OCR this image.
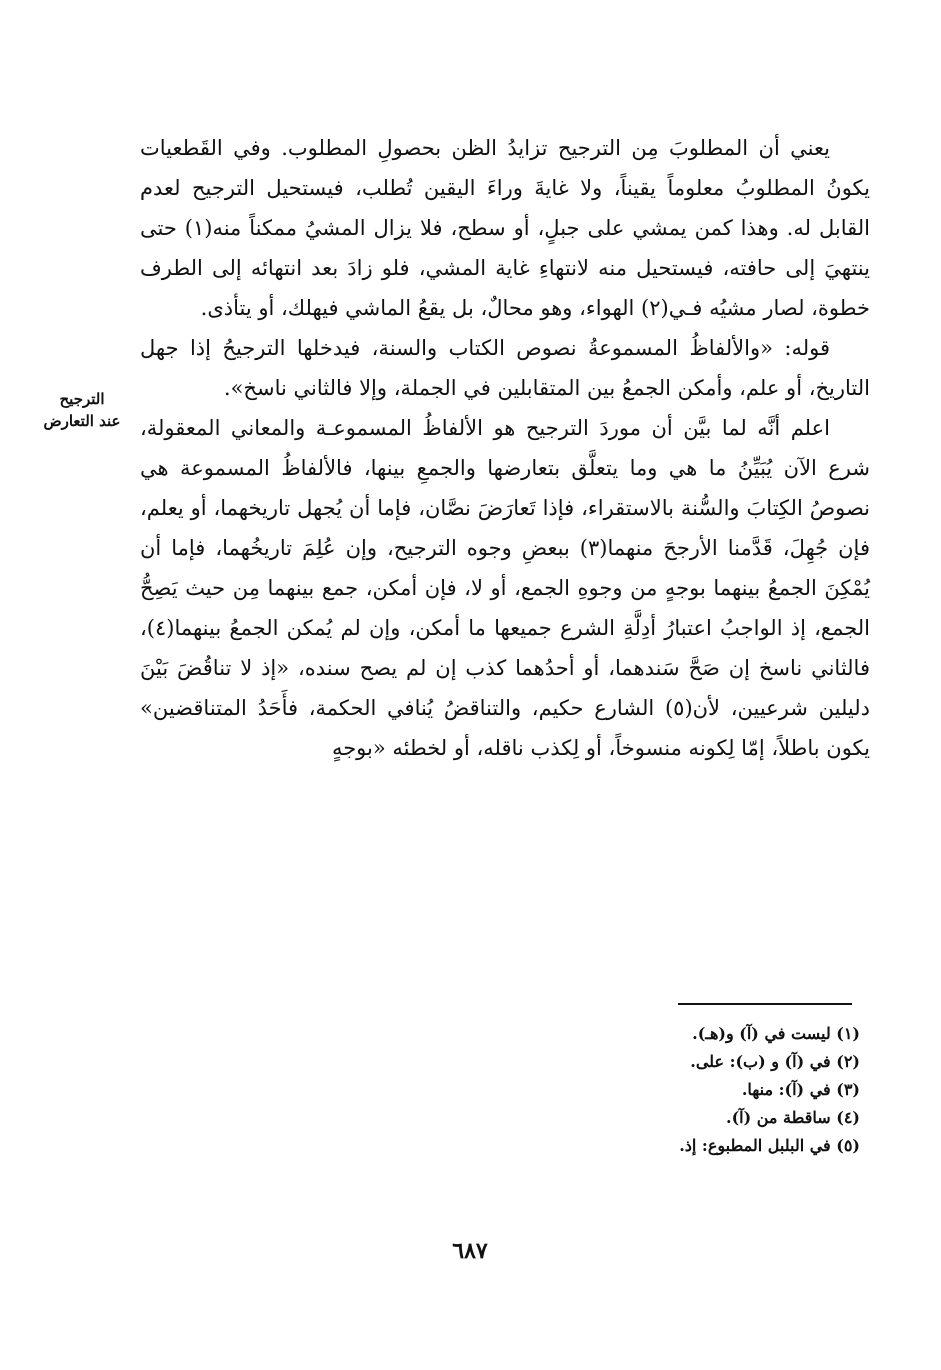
الترجيح
عند التعارض

يعني أن المطلوبَ مِن الترجيح تزايدُ الظن بحصولِ المطلوب. وفي القَطعيات يكونُ المطلوبُ معلوماً يقيناً، ولا غايةَ وراءَ اليقين تُطلب، فيستحيل الترجيح لعدم القابل له. وهذا كمن يمشي على جبلٍ، أو سطح، فلا يزال المشيُ ممكناً منه(١) حتى ينتهيَ إلى حافته، فيستحيل منه لانتهاءِ غاية المشي، فلو زادَ بعد انتهائه إلى الطرف خطوة، لصار مشيُه فـي(٢) الهواء، وهو محالٌ، بل يقعُ الماشي فيهلك، أو يتأذى.

قوله: «والألفاظُ المسموعةُ نصوص الكتاب والسنة، فيدخلها الترجيحُ إذا جهل التاريخ، أو علم، وأمكن الجمعُ بين المتقابلين في الجملة، وإلا فالثاني ناسخ».

اعلم أنَّه لما بيَّن أن موردَ الترجيح هو الألفاظُ المسموعـة والمعاني المعقولة، شرع الآن يُبَيِّنُ ما هي وما يتعلَّق بتعارضها والجمعِ بينها، فالألفاظُ المسموعة هي نصوصُ الكِتابَ والسُّنة بالاستقراء، فإذا تَعارَضَ نصَّان، فإما أن يُجهل تاريخهما، أو يعلم، فإن جُهِلَ، قَدَّمنا الأرجحَ منهما(٣) ببعضِ وجوه الترجيح، وإن عُلِمَ تاريخُهما، فإما أن يُمْكِنَ الجمعُ بينهما بوجهٍ من وجوهِ الجمع، أو لا، فإن أمكن، جمع بينهما مِن حيث يَصِحُّ الجمع، إذ الواجبُ اعتبارُ أدِلَّةِ الشرع جميعها ما أمكن، وإن لم يُمكن الجمعُ بينهما(٤)، فالثاني ناسخ إن صَحَّ سَندهما، أو أحدُهما كذب إن لم يصح سنده، «إذ لا تناقُضَ بَيْنَ دليلين شرعيين، لأن(٥) الشارع حكيم، والتناقضُ يُنافي الحكمة، فأَحَدُ المتناقضين» يكون باطلاً، إمّا لِكونه منسوخاً، أو لِكذب ناقله، أو لخطئه «بوجهٍ

(١) ليست في (آ) و(هـ).
(٢) في (آ) و (ب): على.
(٣) في (آ): منها.
(٤) ساقطة من (آ).
(٥) في البلبل المطبوع: إذ.
٦٨٧
